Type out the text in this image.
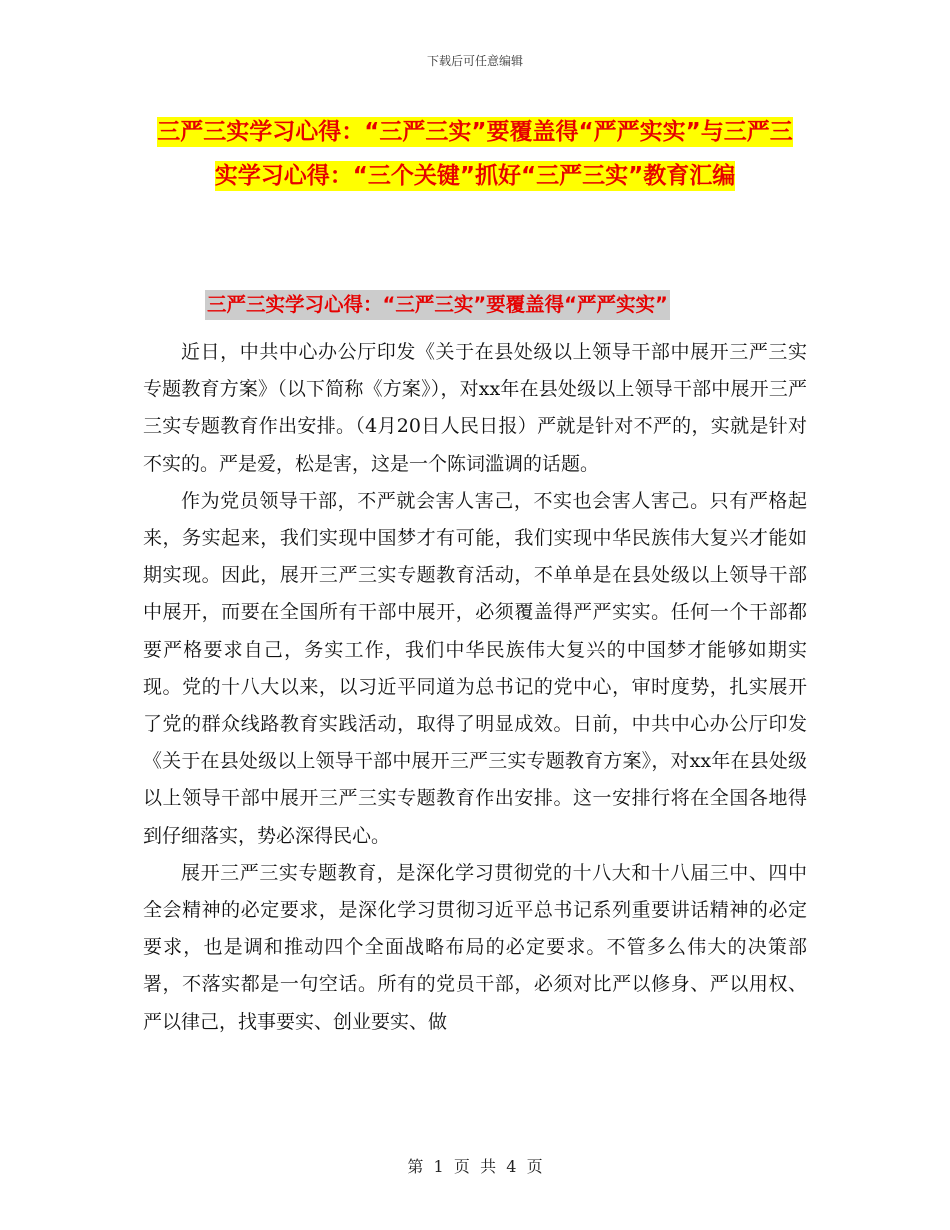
下载后可任意编辑
三严三实学习心得：“三严三实”要覆盖得“严严实实”与三严三实学习心得：“三个关键”抓好“三严三实”教育汇编
三严三实学习心得：“三严三实”要覆盖得“严严实实”

近日，中共中心办公厅印发《关于在县处级以上领导干部中展开三严三实专题教育方案》（以下简称《方案》），对xx年在县处级以上领导干部中展开三严三实专题教育作出安排。（4月20日人民日报）严就是针对不严的，实就是针对不实的。严是爱，松是害，这是一个陈词滥调的话题。

作为党员领导干部，不严就会害人害己，不实也会害人害己。只有严格起来，务实起来，我们实现中国梦才有可能，我们实现中华民族伟大复兴才能如期实现。因此，展开三严三实专题教育活动，不单单是在县处级以上领导干部中展开，而要在全国所有干部中展开，必须覆盖得严严实实。任何一个干部都要严格要求自己，务实工作，我们中华民族伟大复兴的中国梦才能够如期实现。党的十八大以来，以习近平同道为总书记的党中心，审时度势，扎实展开了党的群众线路教育实践活动，取得了明显成效。日前，中共中心办公厅印发《关于在县处级以上领导干部中展开三严三实专题教育方案》，对xx年在县处级以上领导干部中展开三严三实专题教育作出安排。这一安排行将在全国各地得到仔细落实，势必深得民心。

展开三严三实专题教育，是深化学习贯彻党的十八大和十八届三中、四中全会精神的必定要求，是深化学习贯彻习近平总书记系列重要讲话精神的必定要求，也是调和推动四个全面战略布局的必定要求。不管多么伟大的决策部署，不落实都是一句空话。所有的党员干部，必须对比严以修身、严以用权、严以律己，找事要实、创业要实、做

第  1  页  共  4  页
